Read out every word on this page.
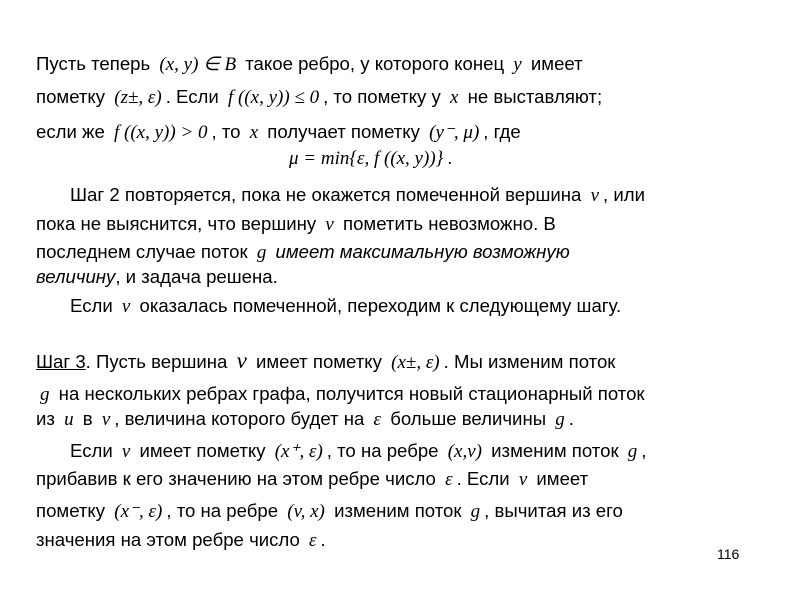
Пусть теперь (x, y) ∈ B такое ребро, у которого конец y имеет
пометку (z±, ε) . Если f ((x, y)) ≤ 0 , то пометку у x не выставляют;
если же f ((x, y)) > 0 , то x получает пометку (y⁻, μ) , где
μ = min{ε, f ((x, y))} .
Шаг 2 повторяется, пока не окажется помеченной вершина v , или
пока не выяснится, что вершину v пометить невозможно. В
последнем случае поток g имеет максимальную возможную
величину, и задача решена.
Если v оказалась помеченной, переходим к следующему шагу.
Шаг 3. Пусть вершина v имеет пометку (x±, ε) . Мы изменим поток
g на нескольких ребрах графа, получится новый стационарный поток
из u в v , величина которого будет на ε больше величины g .
Если v имеет пометку (x⁺, ε) , то на ребре (x,v) изменим поток g ,
прибавив к его значению на этом ребре число ε . Если v имеет
пометку (x⁻, ε) , то на ребре (v, x) изменим поток g , вычитая из его
значения на этом ребре число ε .
116
